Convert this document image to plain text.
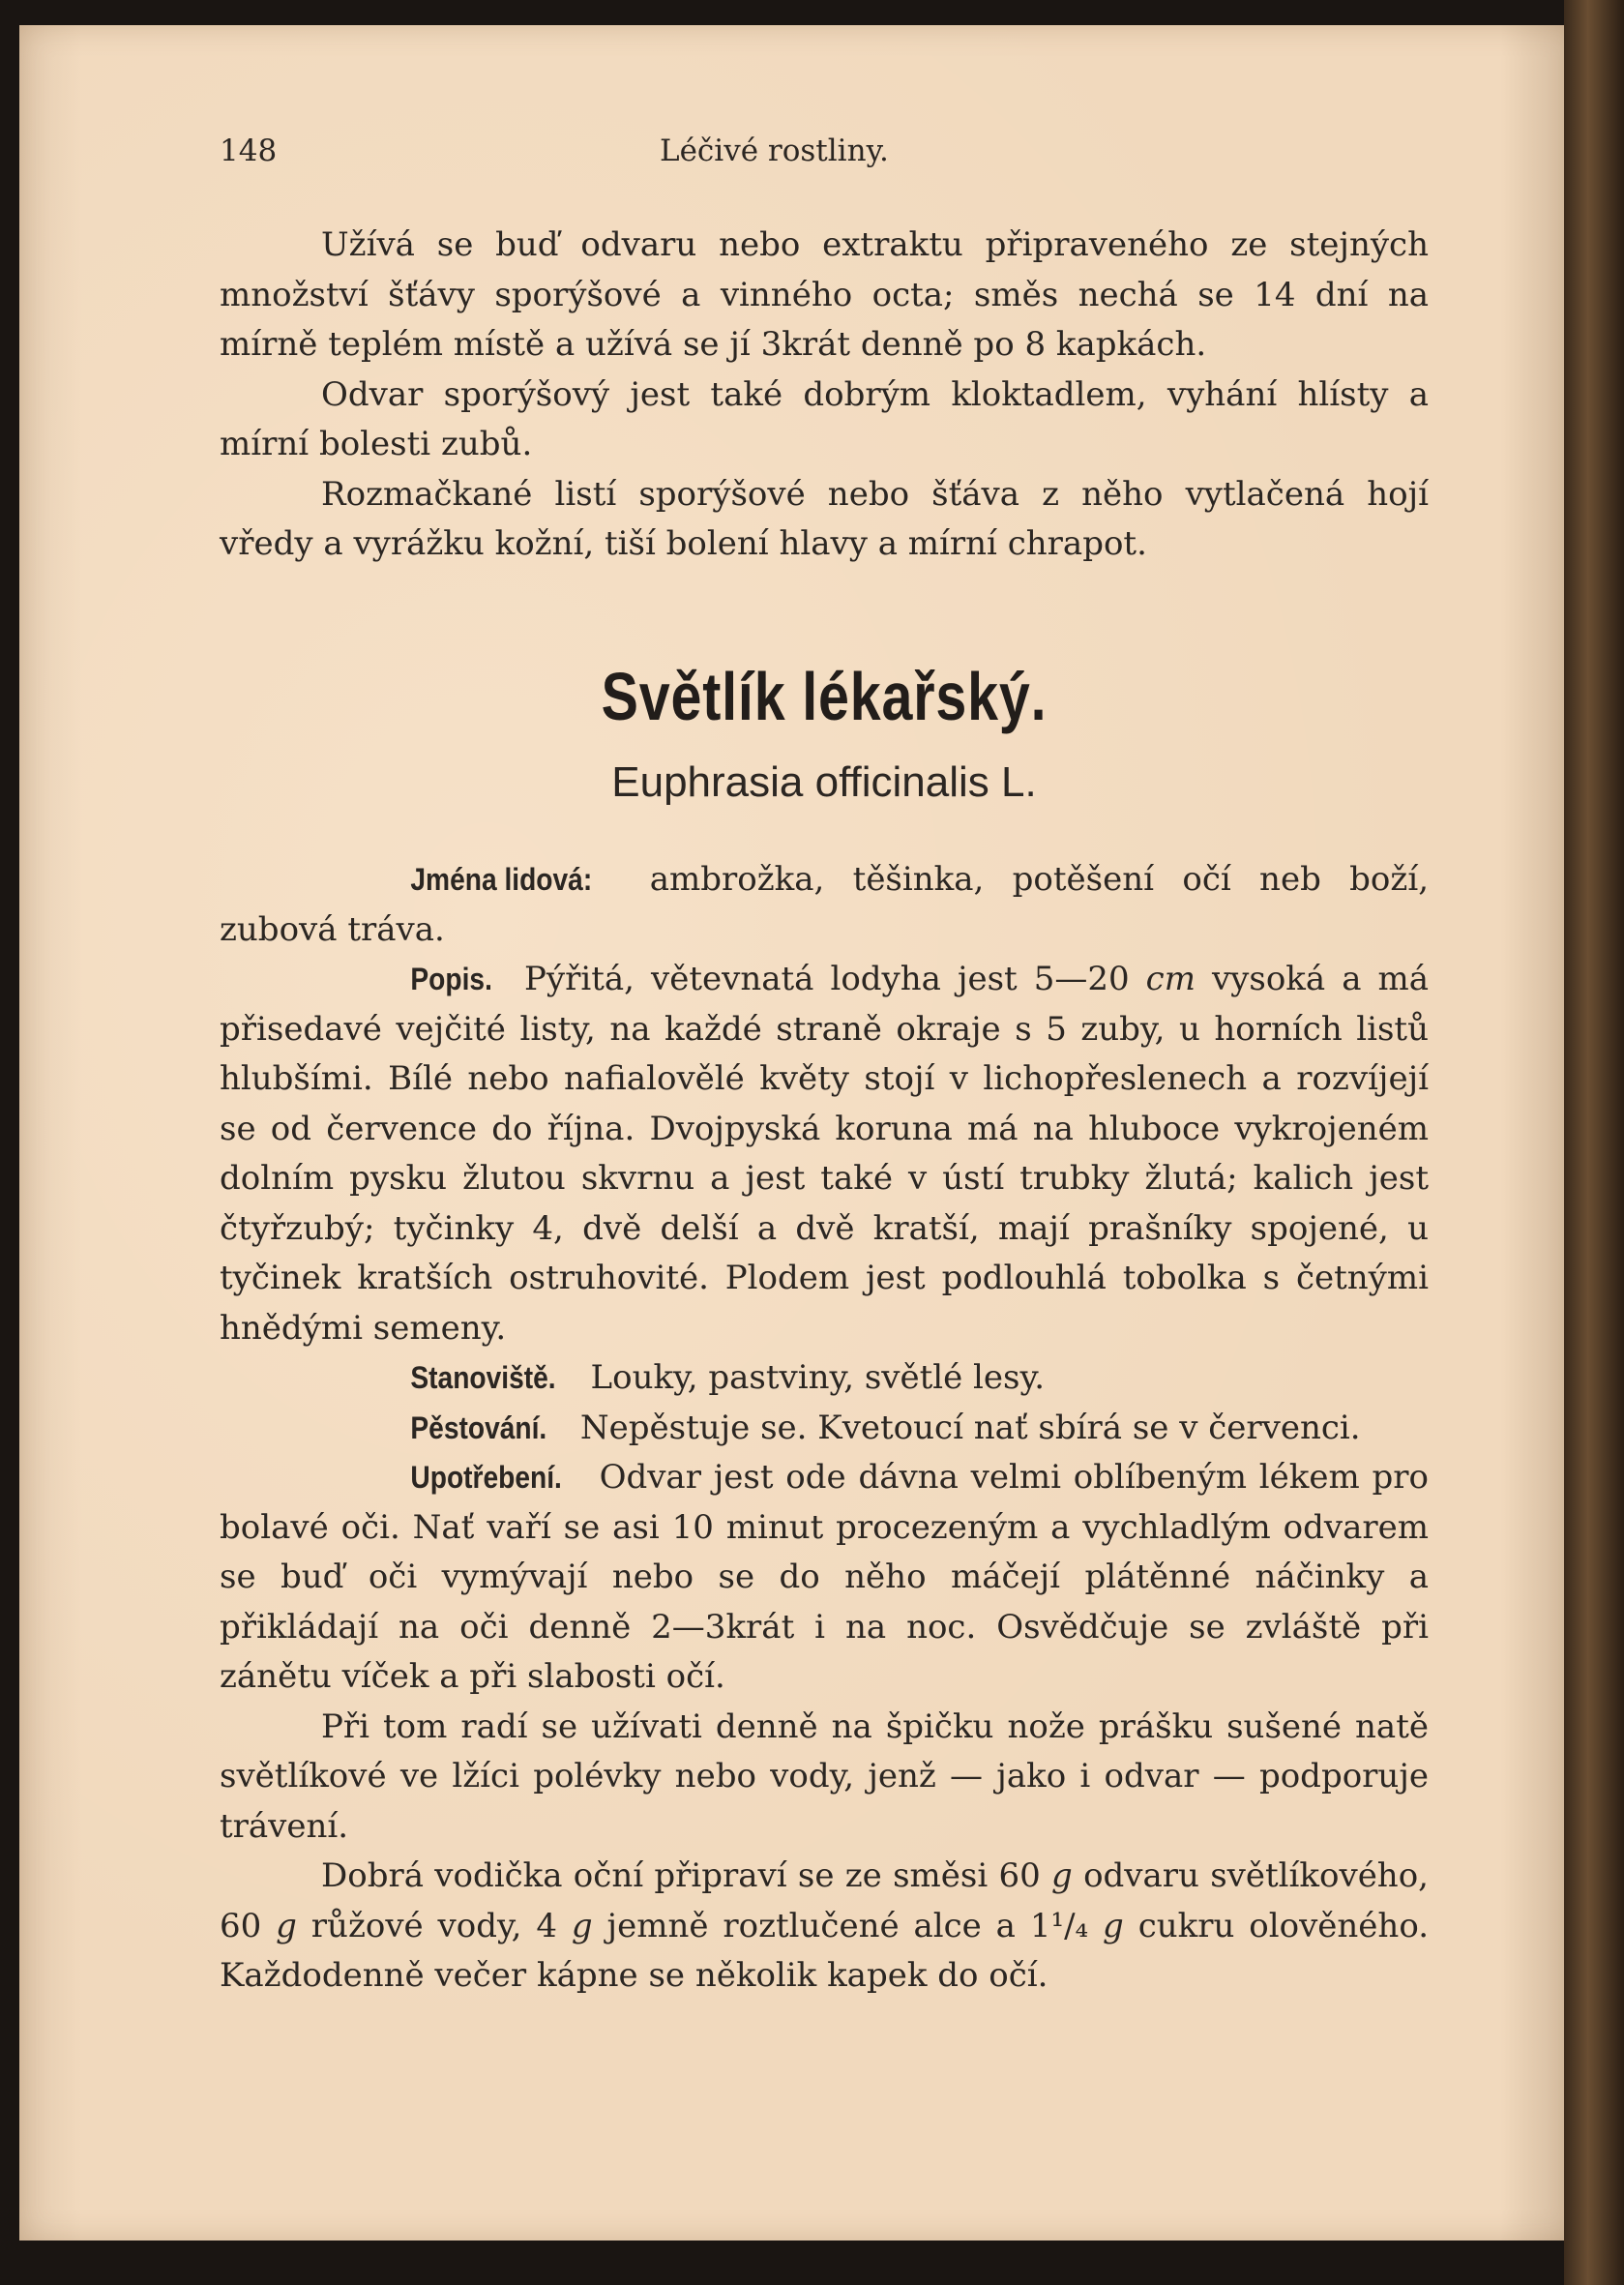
148	Léčivé rostliny.

Užívá se buď odvaru nebo extraktu připraveného ze stejných množství šťávy sporýšové a vinného octa; směs nechá se 14 dní na mírně teplém místě a užívá se jí 3krát denně po 8 kapkách.

Odvar sporýšový jest také dobrým kloktadlem, vyhání hlísty a mírní bolesti zubů.

Rozmačkané listí sporýšové nebo šťáva z něho vytlačená hojí vředy a vyrážku kožní, tiší bolení hlavy a mírní chrapot.

Světlík lékařský.
Euphrasia officinalis L.

Jména lidová: ambrožka, těšinka, potěšení očí neb boží, zubová tráva.

Popis. Pýřitá, větevnatá lodyha jest 5—20 cm vysoká a má přisedavé vejčité listy, na každé straně okraje s 5 zuby, u horních listů hlubšími. Bílé nebo nafialovělé květy stojí v lichopřeslenech a rozvíjejí se od července do října. Dvojpyská koruna má na hluboce vykrojeném dolním pysku žlutou skvrnu a jest také v ústí trubky žlutá; kalich jest čtyřzubý; tyčinky 4, dvě delší a dvě kratší, mají prašníky spojené, u tyčinek kratších ostruhovité. Plodem jest podlouhlá tobolka s četnými hnědými semeny.

Stanoviště. Louky, pastviny, světlé lesy.

Pěstování. Nepěstuje se. Kvetoucí nať sbírá se v červenci.

Upotřebení. Odvar jest ode dávna velmi oblíbeným lékem pro bolavé oči. Nať vaří se asi 10 minut procezeným a vychladlým odvarem se buď oči vymývají nebo se do něho máčejí plátěnné náčinky a přikládají na oči denně 2—3krát i na noc. Osvědčuje se zvláště při zánětu víček a při slabosti očí.

Při tom radí se užívati denně na špičku nože prášku sušené natě světlíkové ve lžíci polévky nebo vody, jenž — jako i odvar — podporuje trávení.

Dobrá vodička oční připraví se ze směsi 60 g odvaru světlíkového, 60 g růžové vody, 4 g jemně roztlučené alce a 1¹/₄ g cukru olověného. Každodenně večer kápne se několik kapek do očí.
